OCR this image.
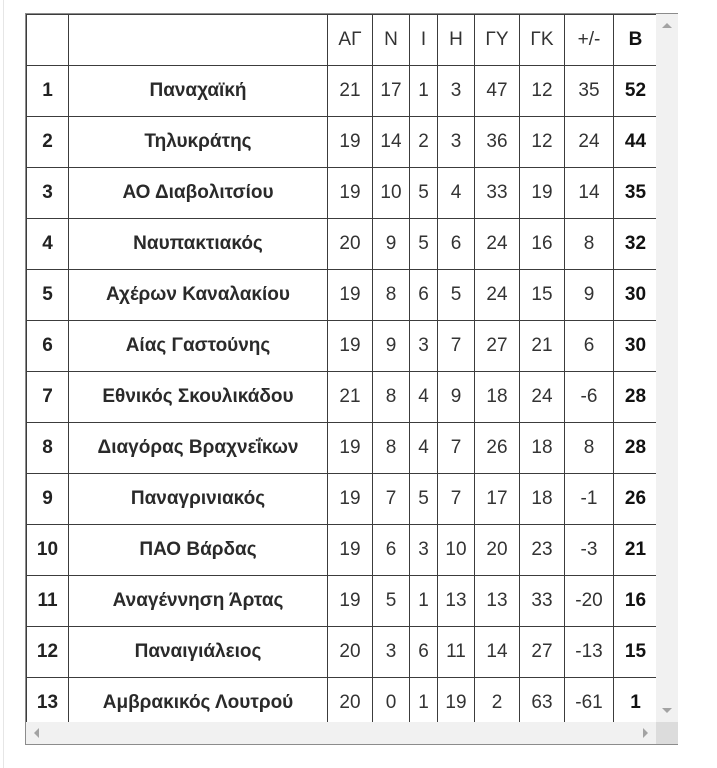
		ΑΓ	Ν	Ι	Η	ΓΥ	ΓΚ	+/-	Β
1	Παναχαϊκή	21	17	1	3	47	12	35	52
2	Τηλυκράτης	19	14	2	3	36	12	24	44
3	ΑΟ Διαβολιτσίου	19	10	5	4	33	19	14	35
4	Ναυπακτιακός	20	9	5	6	24	16	8	32
5	Αχέρων Καναλακίου	19	8	6	5	24	15	9	30
6	Αίας Γαστούνης	19	9	3	7	27	21	6	30
7	Εθνικός Σκουλικάδου	21	8	4	9	18	24	-6	28
8	Διαγόρας Βραχνεΐκων	19	8	4	7	26	18	8	28
9	Παναγρινιακός	19	7	5	7	17	18	-1	26
10	ΠΑΟ Βάρδας	19	6	3	10	20	23	-3	21
11	Αναγέννηση Άρτας	19	5	1	13	13	33	-20	16
12	Παναιγιάλειος	20	3	6	11	14	27	-13	15
13	Αμβρακικός Λουτρού	20	0	1	19	2	63	-61	1
